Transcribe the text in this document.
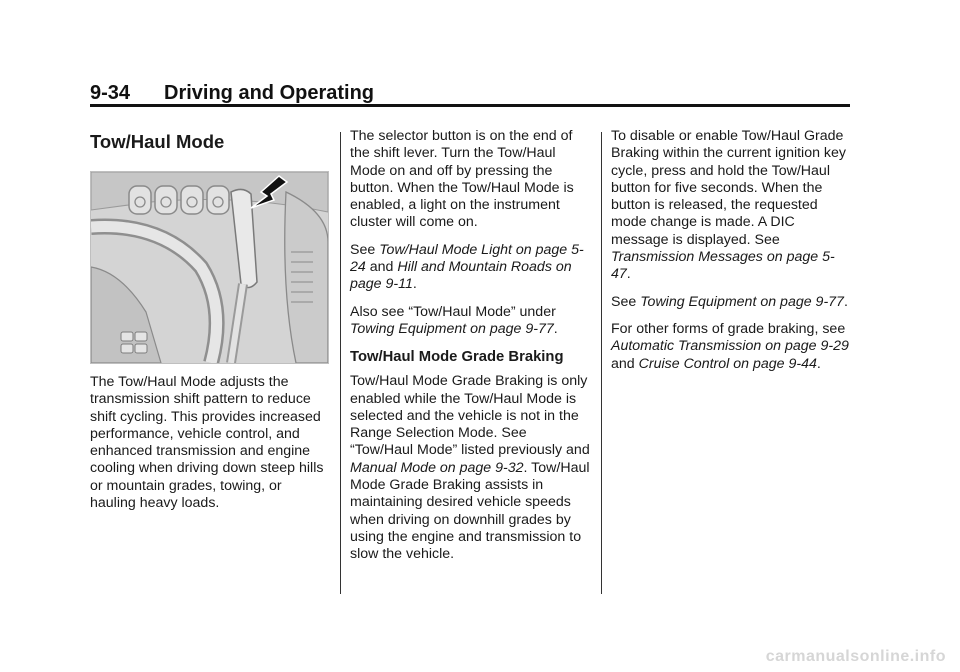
9-34 Driving and Operating
Tow/Haul Mode

The Tow/Haul Mode adjusts the transmission shift pattern to reduce shift cycling. This provides increased performance, vehicle control, and enhanced transmission and engine cooling when driving down steep hills or mountain grades, towing, or hauling heavy loads.

The selector button is on the end of the shift lever. Turn the Tow/Haul Mode on and off by pressing the button. When the Tow/Haul Mode is enabled, a light on the instrument cluster will come on.

See Tow/Haul Mode Light on page 5-24 and Hill and Mountain Roads on page 9-11.

Also see “Tow/Haul Mode” under Towing Equipment on page 9-77.

Tow/Haul Mode Grade Braking

Tow/Haul Mode Grade Braking is only enabled while the Tow/Haul Mode is selected and the vehicle is not in the Range Selection Mode. See “Tow/Haul Mode” listed previously and Manual Mode on page 9-32. Tow/Haul Mode Grade Braking assists in maintaining desired vehicle speeds when driving on downhill grades by using the engine and transmission to slow the vehicle.

To disable or enable Tow/Haul Grade Braking within the current ignition key cycle, press and hold the Tow/Haul button for five seconds. When the button is released, the requested mode change is made. A DIC message is displayed. See Transmission Messages on page 5-47.

See Towing Equipment on page 9-77.

For other forms of grade braking, see Automatic Transmission on page 9-29 and Cruise Control on page 9-44.

carmanualsonline.info
